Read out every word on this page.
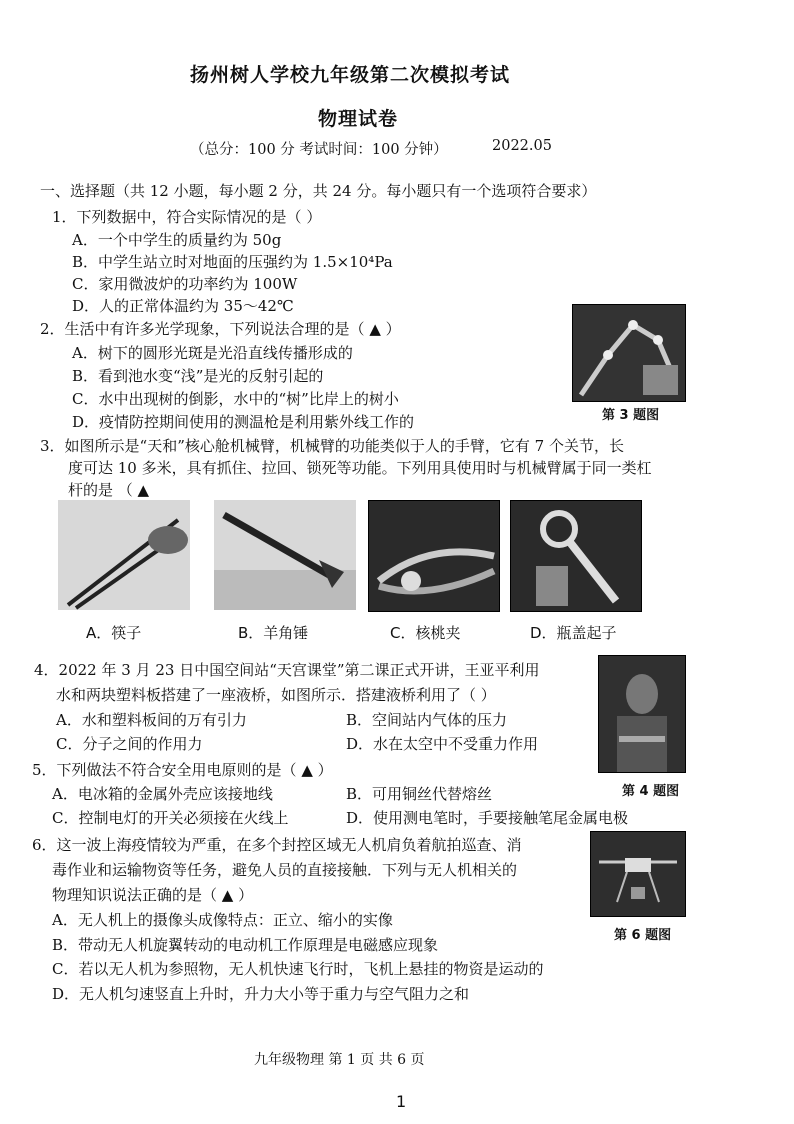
扬州树人学校九年级第二次模拟考试
物理试卷
（总分：100 分 考试时间：100 分钟）	2022.05
一、选择题（共 12 小题，每小题 2 分，共 24 分。每小题只有一个选项符合要求）
1．下列数据中，符合实际情况的是（ ）
A．一个中学生的质量约为 50g
B．中学生站立时对地面的压强约为 1.5×10⁴Pa
C．家用微波炉的功率约为 100W
D．人的正常体温约为 35～42℃
第 3 题图
2．生活中有许多光学现象，下列说法合理的是（ ▲ ）
A．树下的圆形光斑是光沿直线传播形成的
B．看到池水变“浅”是光的反射引起的
C．水中出现树的倒影，水中的“树”比岸上的树小
D．疫情防控期间使用的测温枪是利用紫外线工作的
3．如图所示是“天和”核心舱机械臂，机械臂的功能类似于人的手臂，它有 7 个关节，长
度可达 10 多米，具有抓住、拉回、锁死等功能。下列用具使用时与机械臂属于同一类杠
杆的是 （ ▲
A．筷子	B．羊角锤	C．核桃夹	D．瓶盖起子
4．2022 年 3 月 23 日中国空间站“天宫课堂”第二课正式开讲，王亚平利用
水和两块塑料板搭建了一座液桥，如图所示．搭建液桥利用了（ ）
A．水和塑料板间的万有引力	B．空间站内气体的压力
C．分子之间的作用力	D．水在太空中不受重力作用
第 4 题图
5．下列做法不符合安全用电原则的是（ ▲ ）
A．电冰箱的金属外壳应该接地线	B．可用铜丝代替熔丝
C．控制电灯的开关必须接在火线上	D．使用测电笔时，手要接触笔尾金属电极
6．这一波上海疫情较为严重，在多个封控区域无人机肩负着航拍巡查、消
毒作业和运输物资等任务，避免人员的直接接触．下列与无人机相关的
物理知识说法正确的是（ ▲ ）
A．无人机上的摄像头成像特点：正立、缩小的实像
B．带动无人机旋翼转动的电动机工作原理是电磁感应现象
C．若以无人机为参照物，无人机快速飞行时，飞机上悬挂的物资是运动的
D．无人机匀速竖直上升时，升力大小等于重力与空气阻力之和
第 6 题图
九年级物理 第 1 页 共 6 页
1
